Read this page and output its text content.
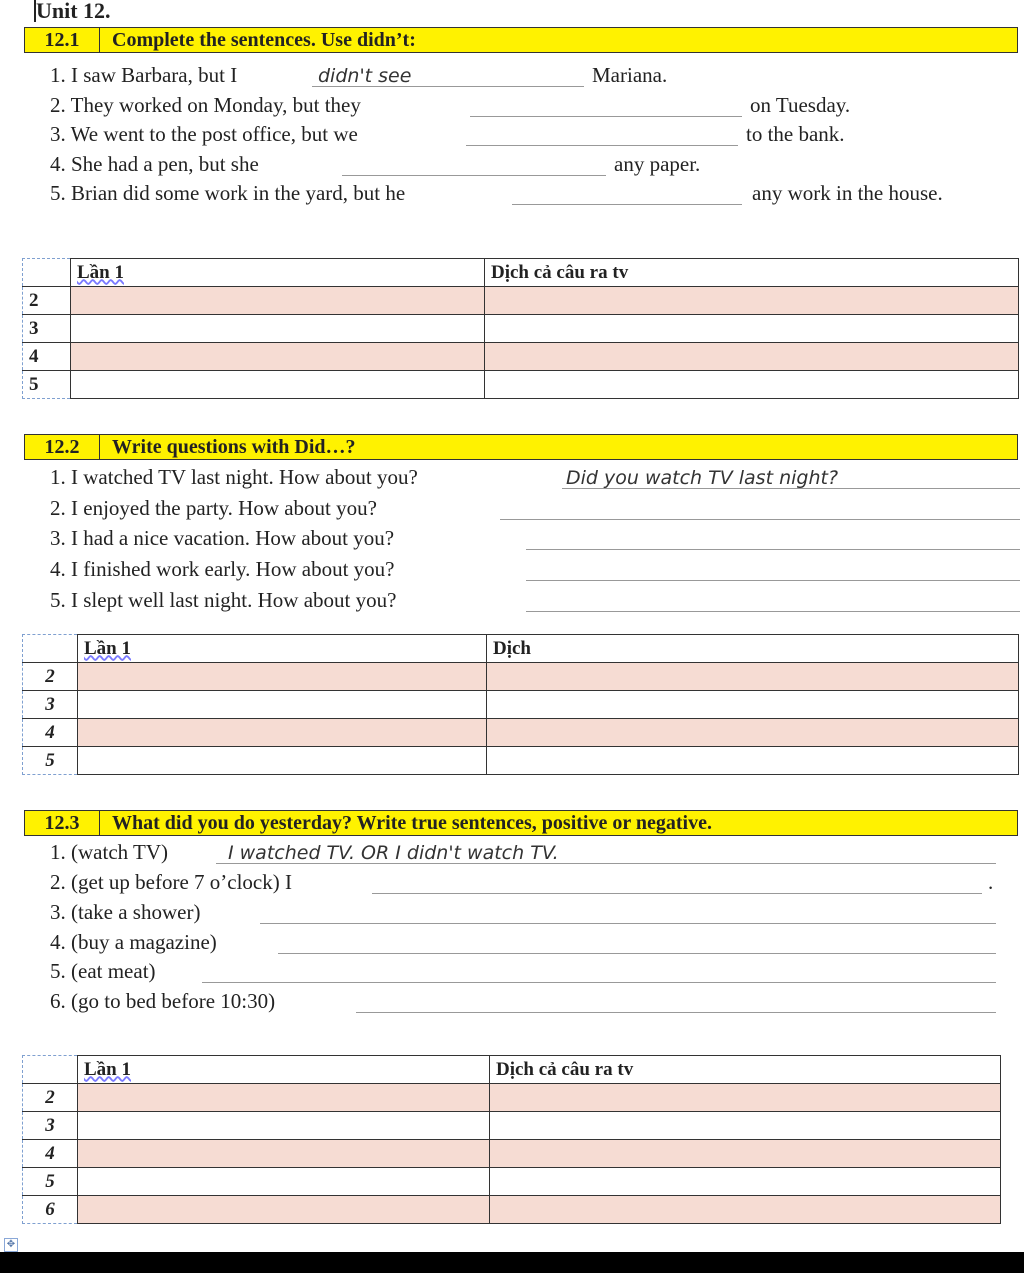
Unit 12.
12.1	Complete the sentences. Use didn’t:
1. I saw Barbara, but I	didn't see	Mariana.
2. They worked on Monday, but they	on Tuesday.
3. We went to the post office, but we	to the bank.
4. She had a pen, but she	any paper.
5. Brian did some work in the yard, but he	any work in the house.
	Lần 1	Dịch cả câu ra tv
2		
3		
4		
5		
12.2	Write questions with Did…?
1. I watched TV last night. How about you?	Did you watch TV last night?
2. I enjoyed the party. How about you?
3. I had a nice vacation. How about you?
4. I finished work early. How about you?
5. I slept well last night. How about you?
	Lần 1	Dịch
2		
3		
4		
5		
12.3	What did you do yesterday? Write true sentences, positive or negative.
1. (watch TV)	I watched TV. OR I didn't watch TV.
2. (get up before 7 o’clock) I	.
3. (take a shower)
4. (buy a magazine)
5. (eat meat)
6. (go to bed before 10:30)
	Lần 1	Dịch cả câu ra tv
2		
3		
4		
5		
6		
✥
